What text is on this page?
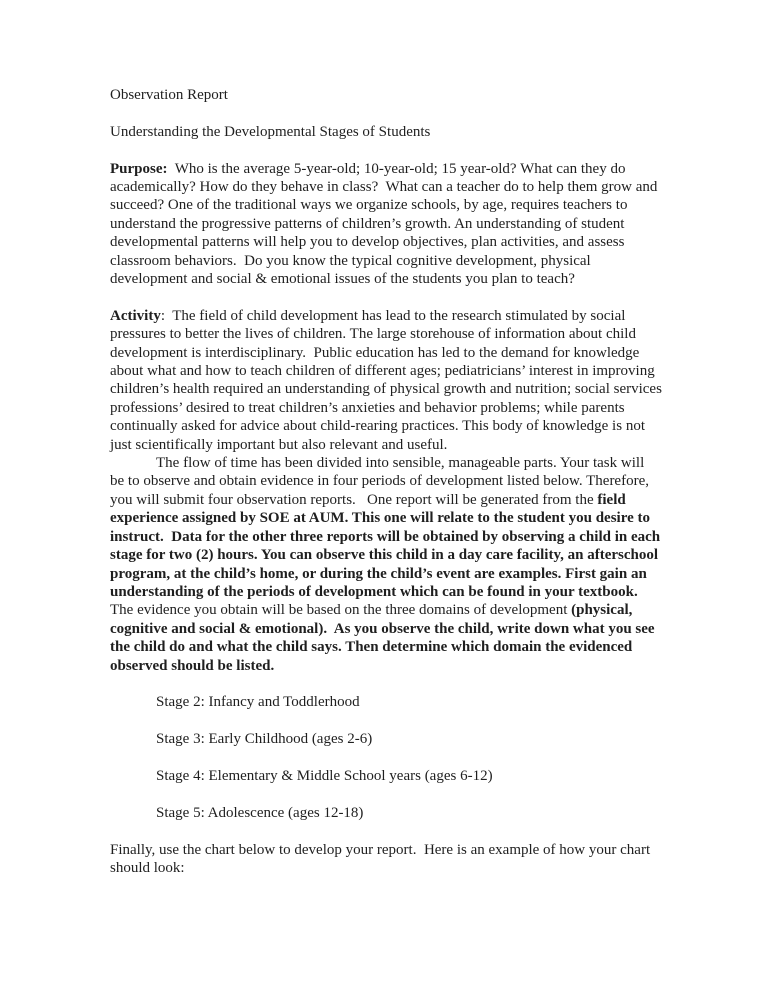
Observation Report

Understanding the Developmental Stages of Students

Purpose:  Who is the average 5-year-old; 10-year-old; 15 year-old? What can they do academically? How do they behave in class?  What can a teacher do to help them grow and succeed? One of the traditional ways we organize schools, by age, requires teachers to understand the progressive patterns of children’s growth. An understanding of student developmental patterns will help you to develop objectives, plan activities, and assess classroom behaviors.  Do you know the typical cognitive development, physical development and social & emotional issues of the students you plan to teach?

Activity:  The field of child development has lead to the research stimulated by social pressures to better the lives of children. The large storehouse of information about child development is interdisciplinary.  Public education has led to the demand for knowledge about what and how to teach children of different ages; pediatricians’ interest in improving children’s health required an understanding of physical growth and nutrition; social services professions’ desired to treat children’s anxieties and behavior problems; while parents continually asked for advice about child-rearing practices. This body of knowledge is not just scientifically important but also relevant and useful.

The flow of time has been divided into sensible, manageable parts. Your task will be to observe and obtain evidence in four periods of development listed below. Therefore, you will submit four observation reports.   One report will be generated from the field experience assigned by SOE at AUM. This one will relate to the student you desire to instruct.  Data for the other three reports will be obtained by observing a child in each stage for two (2) hours. You can observe this child in a day care facility, an afterschool program, at the child’s home, or during the child’s event are examples. First gain an understanding of the periods of development which can be found in your textbook. The evidence you obtain will be based on the three domains of development (physical, cognitive and social & emotional).  As you observe the child, write down what you see the child do and what the child says. Then determine which domain the evidenced observed should be listed.

Stage 2: Infancy and Toddlerhood

Stage 3: Early Childhood (ages 2-6)

Stage 4: Elementary & Middle School years (ages 6-12)

Stage 5: Adolescence (ages 12-18)

Finally, use the chart below to develop your report.  Here is an example of how your chart should look:
